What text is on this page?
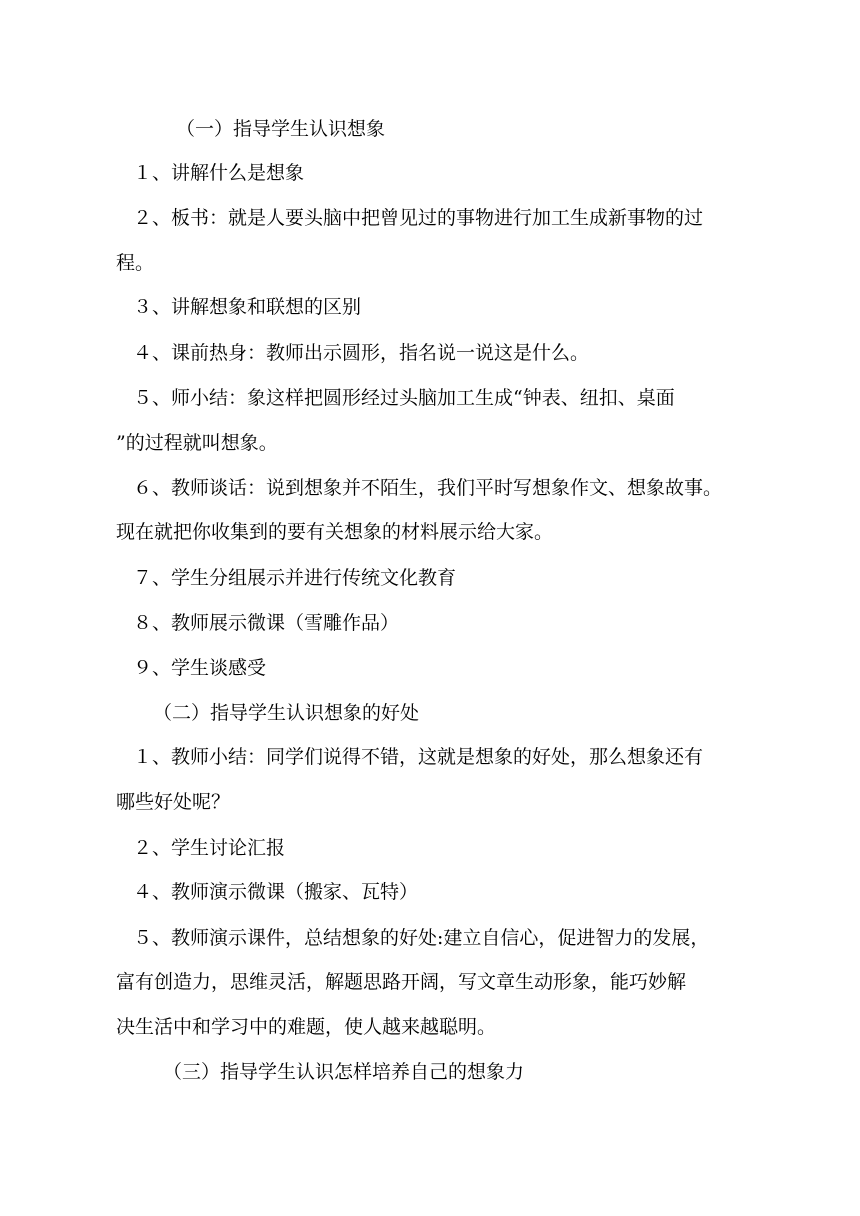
（一）指导学生认识想象
１、讲解什么是想象
２、板书：就是人要头脑中把曾见过的事物进行加工生成新事物的过
程。
３、讲解想象和联想的区别
４、课前热身：教师出示圆形，指名说一说这是什么。
５、师小结：象这样把圆形经过头脑加工生成“钟表、纽扣、桌面
”的过程就叫想象。
６、教师谈话：说到想象并不陌生，我们平时写想象作文、想象故事。
现在就把你收集到的要有关想象的材料展示给大家。
７、学生分组展示并进行传统文化教育
８、教师展示微课（雪雕作品）
９、学生谈感受
（二）指导学生认识想象的好处
１、教师小结：同学们说得不错，这就是想象的好处，那么想象还有
哪些好处呢？
２、学生讨论汇报
４、教师演示微课（搬家、瓦特）
５、教师演示课件，总结想象的好处:建立自信心，促进智力的发展，
富有创造力，思维灵活，解题思路开阔，写文章生动形象，能巧妙解
决生活中和学习中的难题，使人越来越聪明。
（三）指导学生认识怎样培养自己的想象力
